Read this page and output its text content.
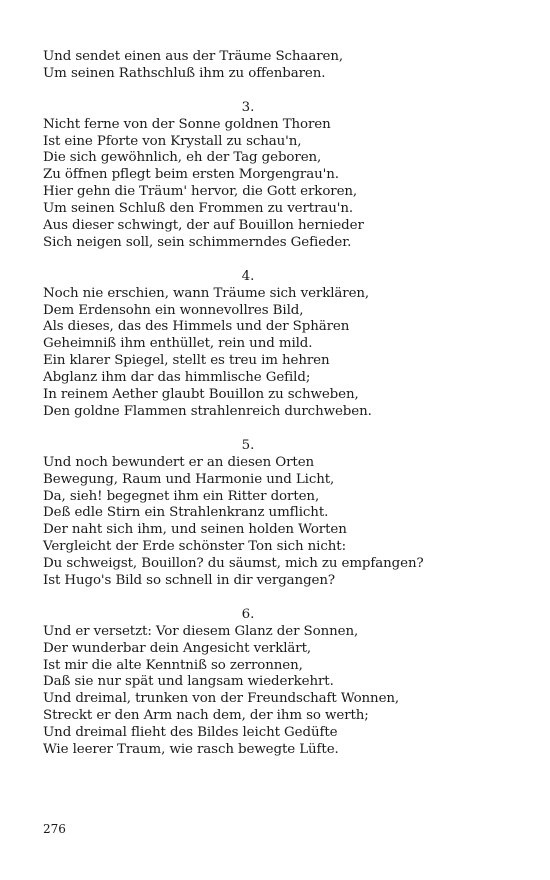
Und sendet einen aus der Träume Schaaren,
Um seinen Rathschluß ihm zu offenbaren.
3.
Nicht ferne von der Sonne goldnen Thoren
Ist eine Pforte von Krystall zu schau'n,
Die sich gewöhnlich, eh der Tag geboren,
Zu öffnen pflegt beim ersten Morgengrau'n.
Hier gehn die Träum' hervor, die Gott erkoren,
Um seinen Schluß den Frommen zu vertrau'n.
Aus dieser schwingt, der auf Bouillon hernieder
Sich neigen soll, sein schimmerndes Gefieder.
4.
Noch nie erschien, wann Träume sich verklären,
Dem Erdensohn ein wonnevollres Bild,
Als dieses, das des Himmels und der Sphären
Geheimniß ihm enthüllet, rein und mild.
Ein klarer Spiegel, stellt es treu im hehren
Abglanz ihm dar das himmlische Gefild;
In reinem Aether glaubt Bouillon zu schweben,
Den goldne Flammen strahlenreich durchweben.
5.
Und noch bewundert er an diesen Orten
Bewegung, Raum und Harmonie und Licht,
Da, sieh! begegnet ihm ein Ritter dorten,
Deß edle Stirn ein Strahlenkranz umflicht.
Der naht sich ihm, und seinen holden Worten
Vergleicht der Erde schönster Ton sich nicht:
Du schweigst, Bouillon? du säumst, mich zu empfangen?
Ist Hugo's Bild so schnell in dir vergangen?
6.
Und er versetzt: Vor diesem Glanz der Sonnen,
Der wunderbar dein Angesicht verklärt,
Ist mir die alte Kenntniß so zerronnen,
Daß sie nur spät und langsam wiederkehrt.
Und dreimal, trunken von der Freundschaft Wonnen,
Streckt er den Arm nach dem, der ihm so werth;
Und dreimal flieht des Bildes leicht Gedüfte
Wie leerer Traum, wie rasch bewegte Lüfte.
276
